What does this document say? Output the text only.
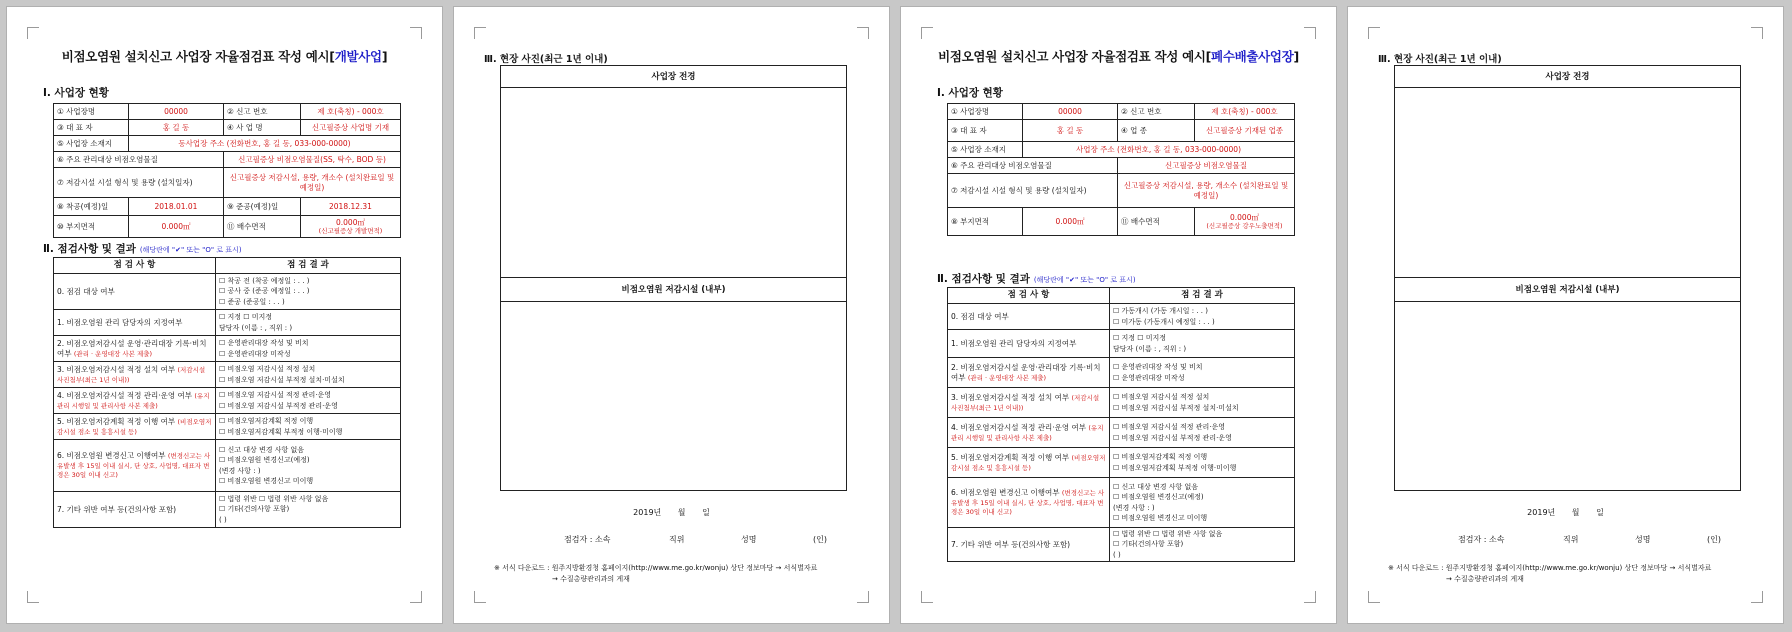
비점오염원 설치신고 사업장 자율점검표 작성 예시[개발사업]
Ⅰ. 사업장 현황
① 사업장명	00000	② 신고 번호	제 호(축칭) - 000호
③ 대 표 자	홍 길 동	④ 사 업 명	신고필증상 사업명 기재
⑤ 사업장 소재지	동사업장 주소 (전화번호, 홍 길 동, 033-000-0000)		
⑥ 주요 관리대상 비점오염물질		신고필증상 비점오염물질(SS, 탁수, BOD 등)	
⑦ 저감시설 시설 형식 및 용량 (설치일자)		신고필증상 저감시설, 용량, 개소수 (설치완료일 및 예정일)	
⑧ 착공(예정)일	2018.01.01	⑨ 준공(예정)일	2018.12.31
⑩ 부지면적	0.000㎡	⑪ 배수면적	0.000㎡
(신고필증상 개발면적)
Ⅱ. 점검사항 및 결과 (해당란에 "✔" 또는 "O" 로 표시)
점 검 사 항	점 검 결 과
0. 점검 대상 여부	☐ 착공 전 (착공 예정일 : . . )
☐ 공사 중 (준공 예정일 : . . )
☐ 준공 (준공일 : . . )

1. 비점오염원 관리 담당자의 지정여부	☐ 지정 ☐ 미지정
담당자 (이름 : , 직위 : )

2. 비점오염저감시설 운영·관리대장 기록·비치 여부 (관리 · 운영대장 사본 제출)	☐ 운영관리대장 작성 및 비치
☐ 운영관리대장 미작성

3. 비점오염저감시설 적정 설치 여부 (저감시설 사진첨부(최근 1년 이내))	☐ 비점오염 저감시설 적정 설치
☐ 비점오염 저감시설 부적정 설치·미설치

4. 비점오염저감시설 적정 관리·운영 여부 (유지관리 시행일 및 관리사항 사본 제출)	☐ 비점오염 저감시설 적정 관리·운영
☐ 비점오염 저감시설 부적정 관리·운영

5. 비점오염저감계획 적정 이행 여부 (비점오염저감시설 점소 및 흥흥시설 등)	☐ 비점오염저감계획 적정 이행
☐ 비점오염저감계획 부적정 이행·미이행

6. 비점오염원 변경신고 이행여부 (변경신고는 사유발생 후 15일 이내 실시, 단 상호, 사업명, 대표자 변경은 30일 이내 신고)	☐ 신고 대상 변경 사항 없음
☐ 비점오염원 변경신고(예정)
(변경 사항 : )
☐ 비점오염원 변경신고 미이행

7. 기타 위반 여부 등(건의사항 포함)	☐ 법령 위반 ☐ 법령 위반 사항 없음
☐ 기타(건의사항 포함)
( )
Ⅲ. 현장 사진(최근 1년 이내)
사업장 전경
비점오염원 저감시설 (내부)
2019년 월 일
점검자 : 소속	직위	성명	(인)
※ 서식 다운로드 : 원주지방환경청 홈페이지(http://www.me.go.kr/wonju) 상단 정보마당 → 서식별자료
→ 수질총량관리과의 게재
비점오염원 설치신고 사업장 자율점검표 작성 예시[폐수배출사업장]
Ⅰ. 사업장 현황
① 사업장명	00000	② 신고 번호	제 호(축칭) - 000호
③ 대 표 자	홍 길 동	④ 업 종	신고필증상 기재된 업종
⑤ 사업장 소재지	사업장 주소 (전화번호, 홍 길 동, 033-000-0000)		
⑥ 주요 관리대상 비점오염물질		신고필증상 비점오염물질	
⑦ 저감시설 시설 형식 및 용량 (설치일자)		신고필증상 저감시설, 용량, 개소수 (설치완료일 및 예정일)	
⑧ 부지면적	0.000㎡	⑪ 배수면적	0.000㎡
(신고필증상 강우노출면적)
Ⅱ. 점검사항 및 결과 (해당란에 "✔" 또는 "O" 로 표시)
점 검 사 항	점 검 결 과
0. 점검 대상 여부	☐ 가동개시 (가동 개시일 : . . )
☐ 미가동 (가동개시 예정일 : . . )

1. 비점오염원 관리 담당자의 지정여부	☐ 지정 ☐ 미지정
담당자 (이름 : , 직위 : )

2. 비점오염저감시설 운영·관리대장 기록·비치 여부 (관리 · 운영대장 사본 제출)	☐ 운영관리대장 작성 및 비치
☐ 운영관리대장 미작성

3. 비점오염저감시설 적정 설치 여부 (저감시설 사진첨부(최근 1년 이내))	☐ 비점오염 저감시설 적정 설치
☐ 비점오염 저감시설 부적정 설치·미설치

4. 비점오염저감시설 적정 관리·운영 여부 (유지관리 시행일 및 관리사항 사본 제출)	☐ 비점오염 저감시설 적정 관리·운영
☐ 비점오염 저감시설 부적정 관리·운영

5. 비점오염저감계획 적정 이행 여부 (비점오염저감시설 점소 및 흥흥시설 등)	☐ 비점오염저감계획 적정 이행
☐ 비점오염저감계획 부적정 이행·미이행

6. 비점오염원 변경신고 이행여부 (변경신고는 사유발생 후 15일 이내 실시, 단 상호, 사업명, 대표자 변경은 30일 이내 신고)	☐ 신고 대상 변경 사항 없음
☐ 비점오염원 변경신고(예정)
(변경 사항 : )
☐ 비점오염원 변경신고 미이행

7. 기타 위반 여부 등(건의사항 포함)	☐ 법령 위반 ☐ 법령 위반 사항 없음
☐ 기타(건의사항 포함)
( )
Ⅲ. 현장 사진(최근 1년 이내)
사업장 전경
비점오염원 저감시설 (내부)
2019년 월 일
점검자 : 소속	직위	성명	(인)
※ 서식 다운로드 : 원주지방환경청 홈페이지(http://www.me.go.kr/wonju) 상단 정보마당 → 서식별자료
→ 수질총량관리과의 게재
